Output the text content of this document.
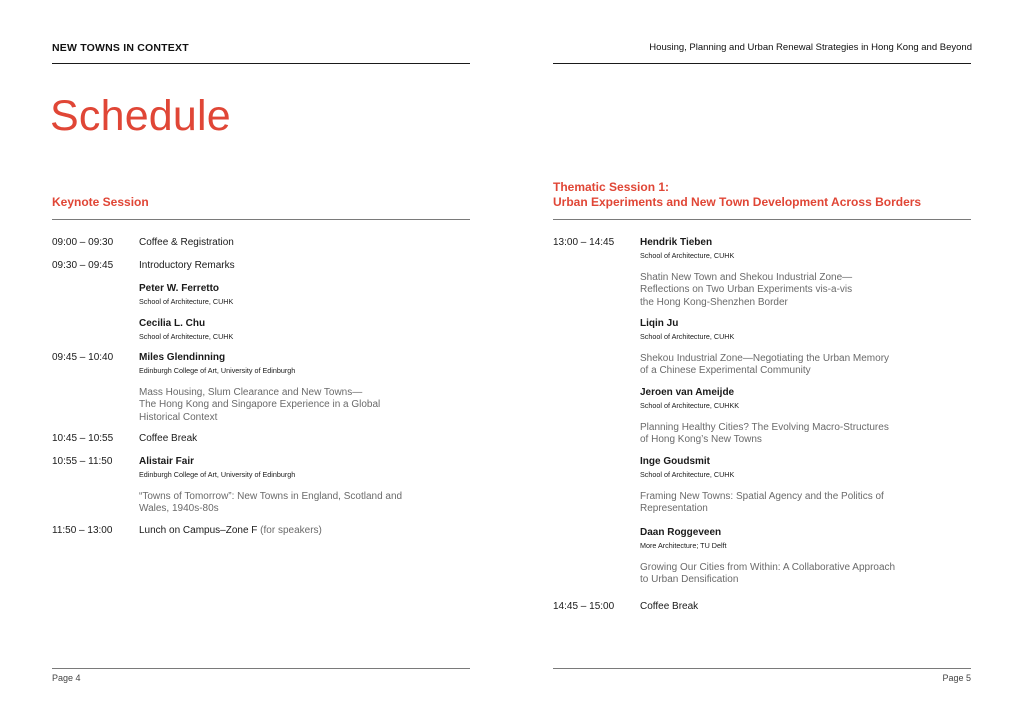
NEW TOWNS IN CONTEXT	Housing, Planning and Urban Renewal Strategies in Hong Kong and Beyond
Schedule
Keynote Session
09:00 – 09:30	Coffee & Registration
09:30 – 09:45	Introductory Remarks
Peter W. Ferretto
School of Architecture, CUHK
Cecilia L. Chu
School of Architecture, CUHK
09:45 – 10:40	Miles Glendinning
Edinburgh College of Art, University of Edinburgh
Mass Housing, Slum Clearance and New Towns—
The Hong Kong and Singapore Experience in a Global
Historical Context
10:45 – 10:55	Coffee Break
10:55 – 11:50	Alistair Fair
Edinburgh College of Art, University of Edinburgh
“Towns of Tomorrow”: New Towns in England, Scotland and
Wales, 1940s-80s
11:50 – 13:00	Lunch on Campus–Zone F (for speakers)
Thematic Session 1:
Urban Experiments and New Town Development Across Borders
13:00 – 14:45	Hendrik Tieben
School of Architecture, CUHK
Shatin New Town and Shekou Industrial Zone—
Reflections on Two Urban Experiments vis-a-vis
the Hong Kong-Shenzhen Border
Liqin Ju
School of Architecture, CUHK
Shekou Industrial Zone—Negotiating the Urban Memory
of a Chinese Experimental Community
Jeroen van Ameijde
School of Architecture, CUHKK
Planning Healthy Cities? The Evolving Macro-Structures
of Hong Kong’s New Towns
Inge Goudsmit
School of Architecture, CUHK
Framing New Towns: Spatial Agency and the Politics of
Representation
Daan Roggeveen
More Architecture; TU Delft
Growing Our Cities from Within: A Collaborative Approach
to Urban Densification
14:45 – 15:00	Coffee Break
Page 4	Page 5
